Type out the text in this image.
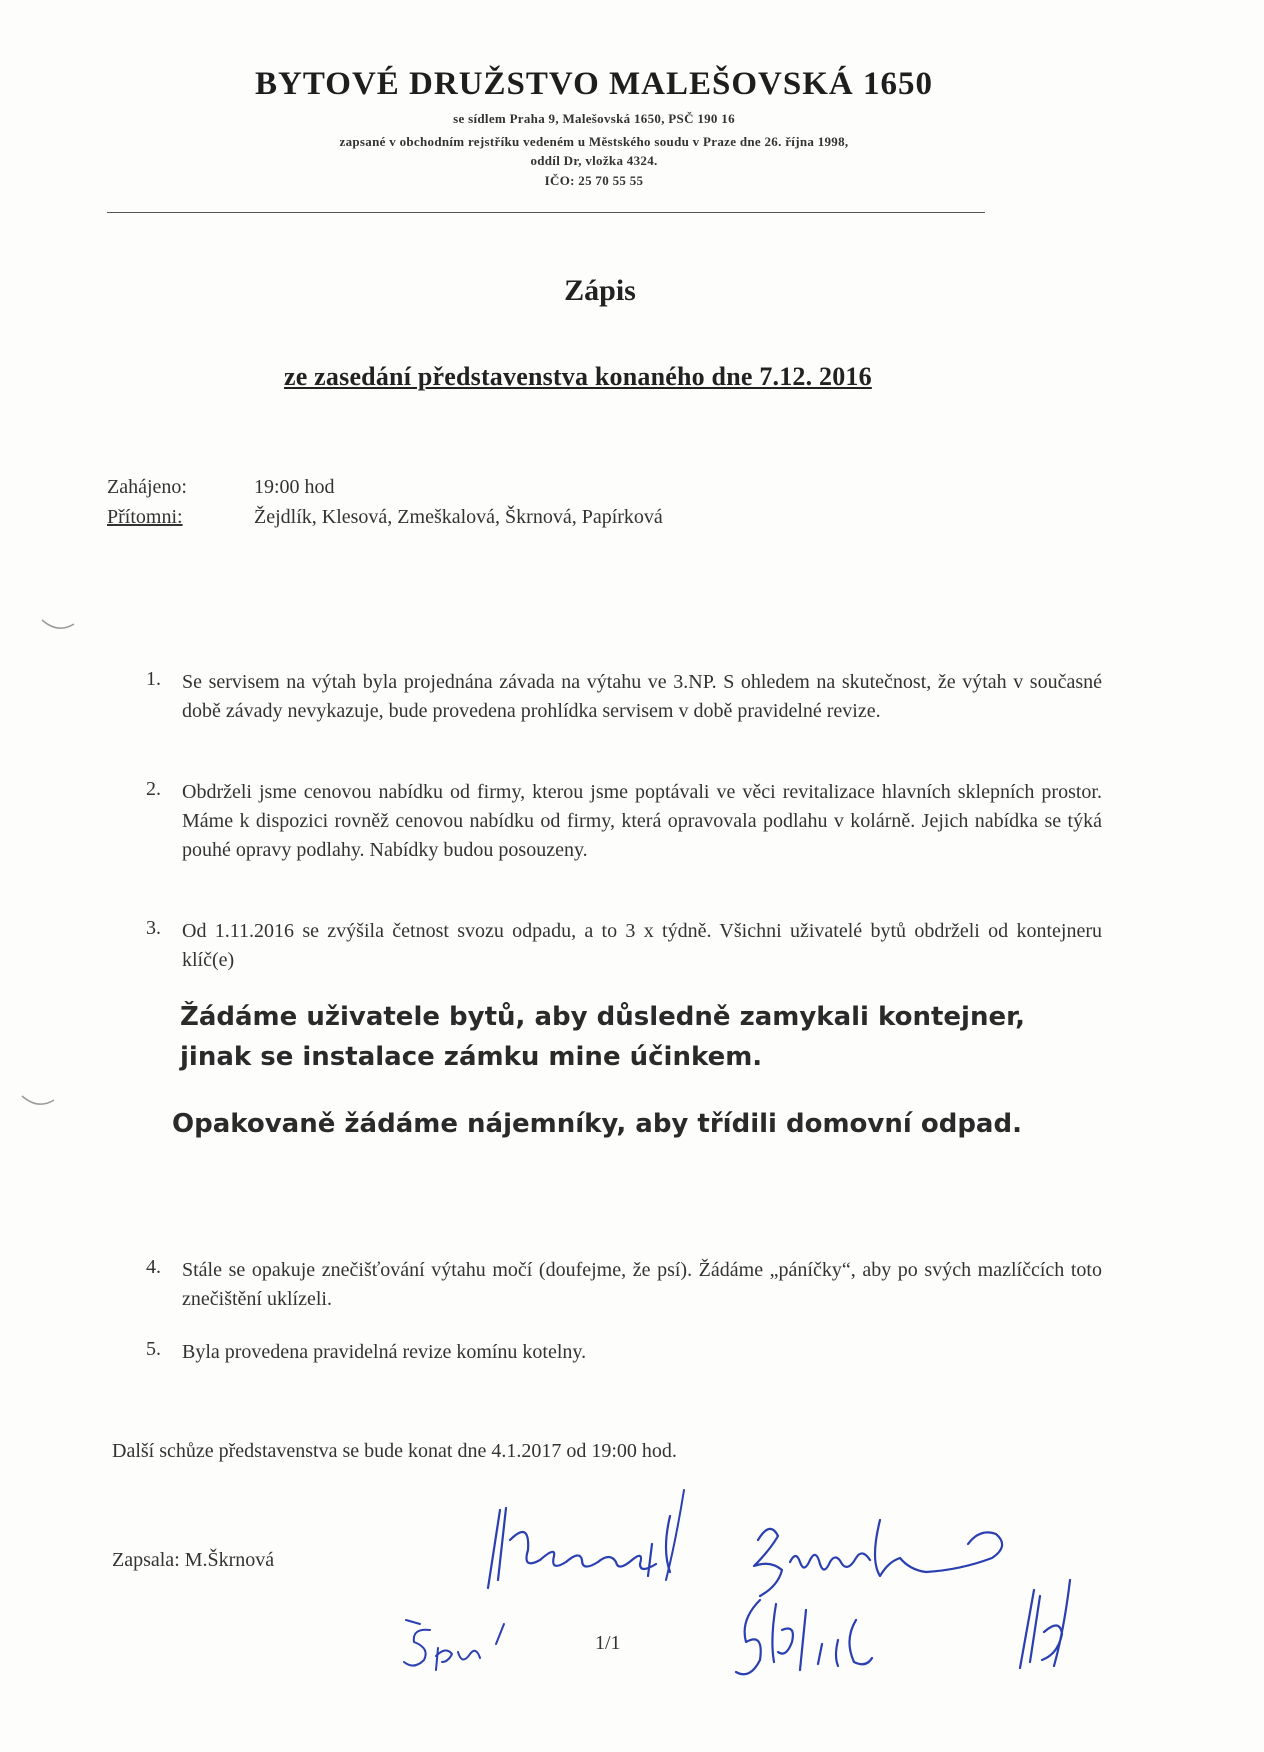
BYTOVÉ DRUŽSTVO MALEŠOVSKÁ 1650
se sídlem Praha 9, Malešovská 1650, PSČ 190 16
zapsané v obchodním rejstříku vedeném u Městského soudu v Praze dne 26. října 1998,
oddíl Dr, vložka 4324.
IČO: 25 70 55 55
Zápis
ze zasedání představenstva konaného dne 7.12. 2016
Zahájeno:	19:00 hod
Přítomni:	Žejdlík, Klesová, Zmeškalová, Škrnová, Papírková
1. Se servisem na výtah byla projednána závada na výtahu ve 3.NP. S ohledem na skutečnost, že výtah v současné době závady nevykazuje, bude provedena prohlídka servisem v době pravidelné revize.
2. Obdrželi jsme cenovou nabídku od firmy, kterou jsme poptávali ve věci revitalizace hlavních sklepních prostor. Máme k dispozici rovněž cenovou nabídku od firmy, která opravovala podlahu v kolárně. Jejich nabídka se týká pouhé opravy podlahy. Nabídky budou posouzeny.
3. Od 1.11.2016 se zvýšila četnost svozu odpadu, a to 3 x týdně. Všichni uživatelé bytů obdrželi od kontejneru klíč(e)
Žádáme uživatele bytů, aby důsledně zamykali kontejner,
jinak se instalace zámku mine účinkem.
Opakovaně žádáme nájemníky, aby třídili domovní odpad.
4. Stále se opakuje znečišťování výtahu močí (doufejme, že psí). Žádáme „páníčky“, aby po svých mazlíčcích toto znečištění uklízeli.
5. Byla provedena pravidelná revize komínu kotelny.
Další schůze představenstva se bude konat dne 4.1.2017 od 19:00 hod.
Zapsala: M.Škrnová
1/1
